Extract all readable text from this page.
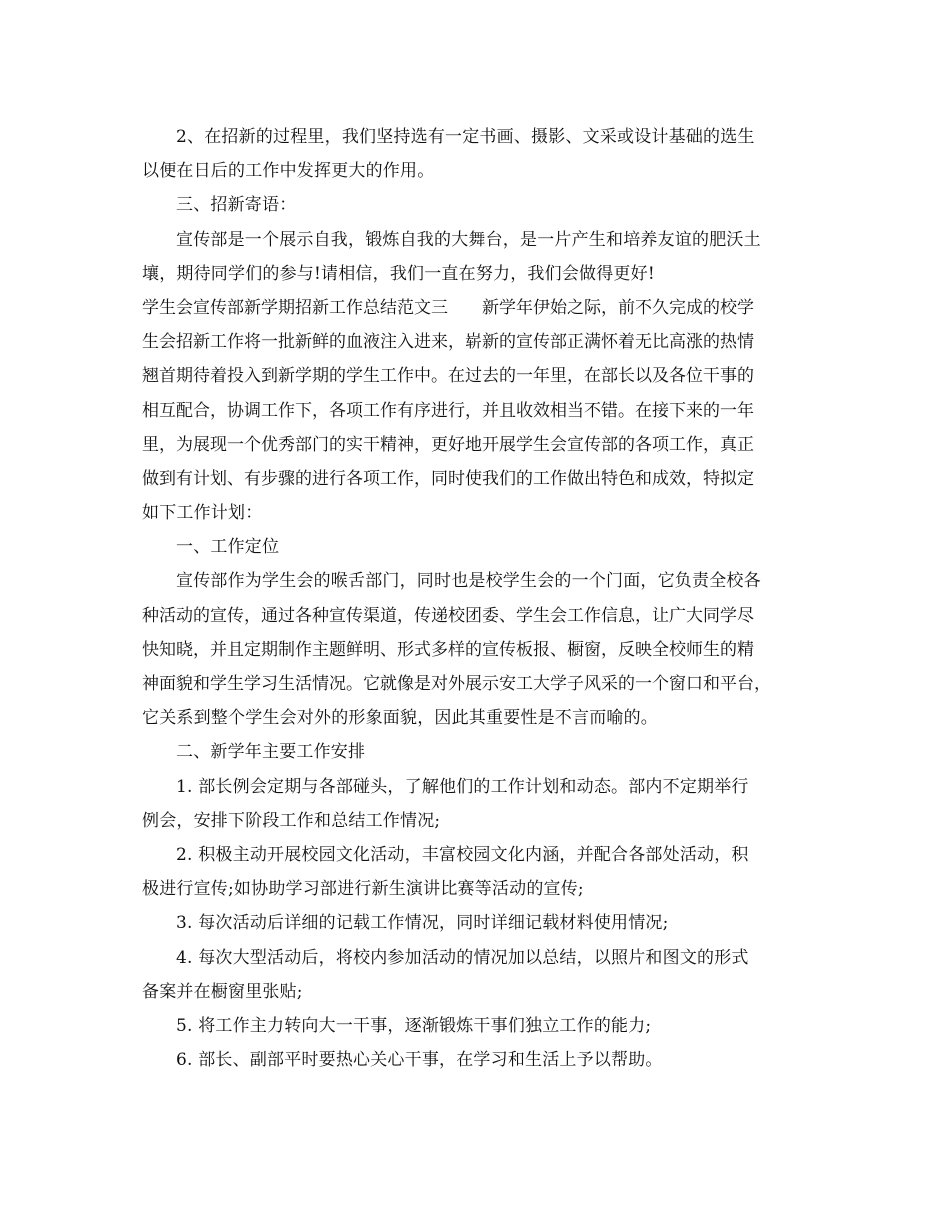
2、在招新的过程里，我们坚持选有一定书画、摄影、文采或设计基础的选生
以便在日后的工作中发挥更大的作用。
三、招新寄语：
宣传部是一个展示自我，锻炼自我的大舞台，是一片产生和培养友谊的肥沃土
壤，期待同学们的参与!请相信，我们一直在努力，我们会做得更好!
学生会宣传部新学期招新工作总结范文三　　新学年伊始之际，前不久完成的校学
生会招新工作将一批新鲜的血液注入进来，崭新的宣传部正满怀着无比高涨的热情
翘首期待着投入到新学期的学生工作中。在过去的一年里，在部长以及各位干事的
相互配合，协调工作下，各项工作有序进行，并且收效相当不错。在接下来的一年
里，为展现一个优秀部门的实干精神，更好地开展学生会宣传部的各项工作，真正
做到有计划、有步骤的进行各项工作，同时使我们的工作做出特色和成效，特拟定
如下工作计划：
一、工作定位
宣传部作为学生会的喉舌部门，同时也是校学生会的一个门面，它负责全校各
种活动的宣传，通过各种宣传渠道，传递校团委、学生会工作信息，让广大同学尽
快知晓，并且定期制作主题鲜明、形式多样的宣传板报、橱窗，反映全校师生的精
神面貌和学生学习生活情况。它就像是对外展示安工大学子风采的一个窗口和平台，
它关系到整个学生会对外的形象面貌，因此其重要性是不言而喻的。
二、新学年主要工作安排
1. 部长例会定期与各部碰头，了解他们的工作计划和动态。部内不定期举行
例会，安排下阶段工作和总结工作情况;
2. 积极主动开展校园文化活动，丰富校园文化内涵，并配合各部处活动，积
极进行宣传;如协助学习部进行新生演讲比赛等活动的宣传;
3. 每次活动后详细的记载工作情况，同时详细记载材料使用情况;
4. 每次大型活动后，将校内参加活动的情况加以总结，以照片和图文的形式
备案并在橱窗里张贴;
5. 将工作主力转向大一干事，逐渐锻炼干事们独立工作的能力;
6. 部长、副部平时要热心关心干事，在学习和生活上予以帮助。
